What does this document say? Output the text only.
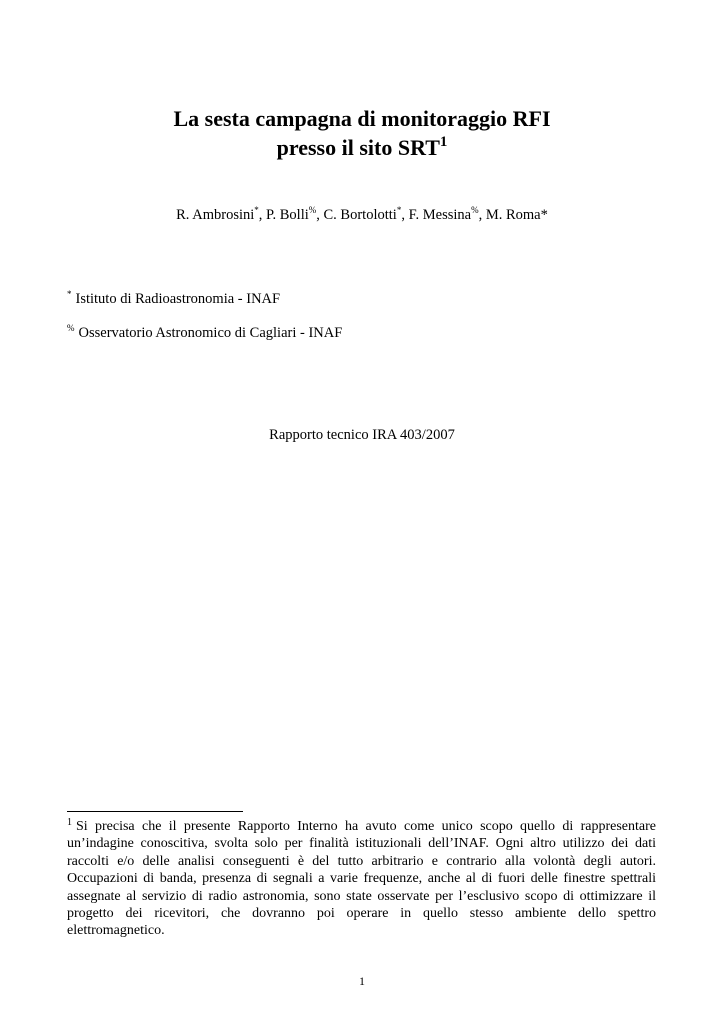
La sesta campagna di monitoraggio RFI
presso il sito SRT$^1$
R. Ambrosini*, P. Bolli%, C. Bortolotti*, F. Messina%, M. Roma*
* Istituto di Radioastronomia - INAF
% Osservatorio Astronomico di Cagliari - INAF
Rapporto tecnico IRA 403/2007
$^1$ Si precisa che il presente Rapporto Interno ha avuto come unico scopo quello di rappresentare un’indagine conoscitiva, svolta solo per finalità istituzionali dell’INAF. Ogni altro utilizzo dei dati raccolti e/o delle analisi conseguenti è del tutto arbitrario e contrario alla volontà degli autori. Occupazioni di banda, presenza di segnali a varie frequenze, anche al di fuori delle finestre spettrali assegnate al servizio di radio astronomia, sono state osservate per l’esclusivo scopo di ottimizzare il progetto dei ricevitori, che dovranno poi operare in quello stesso ambiente dello spettro elettromagnetico.
1
